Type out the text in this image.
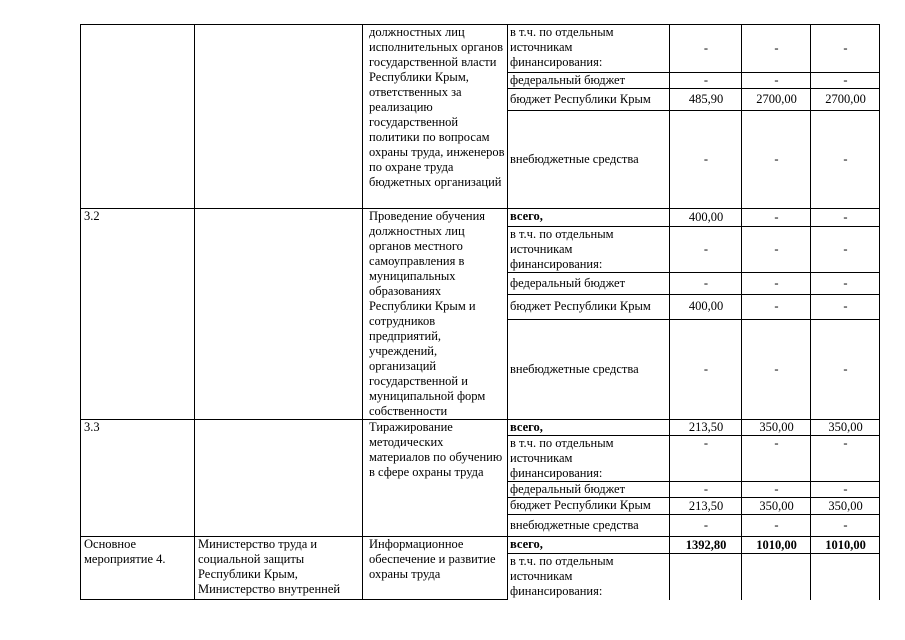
		должностных лиц исполнительных органов государственной власти Республики Крым, ответственных за реализацию государственной политики по вопросам охраны труда, инженеров по охране труда бюджетных организаций	в т.ч. по отдельным источникам финансирования:	-	-	-
			федеральный бюджет	-	-	-
			бюджет Республики Крым	485,90	2700,00	2700,00
			внебюджетные средства	-	-	-
3.2		Проведение обучения должностных лиц органов местного самоуправления в муниципальных образованиях Республики Крым и сотрудников предприятий, учреждений, организаций государственной и муниципальной форм собственности	всего,	400,00	-	-
			в т.ч. по отдельным источникам финансирования:	-	-	-
			федеральный бюджет	-	-	-
			бюджет Республики Крым	400,00	-	-
			внебюджетные средства	-	-	-
3.3		Тиражирование методических материалов по обучению в сфере охраны труда	всего,	213,50	350,00	350,00
			в т.ч. по отдельным источникам финансирования:	-	-	-
			федеральный бюджет	-	-	-
			бюджет Республики Крым	213,50	350,00	350,00
			внебюджетные средства	-	-	-
Основное мероприятие 4.	Министерство труда и социальной защиты Республики Крым, Министерство внутренней	Информационное обеспечение и развитие охраны труда	всего,	1392,80	1010,00	1010,00
			в т.ч. по отдельным источникам финансирования:			
